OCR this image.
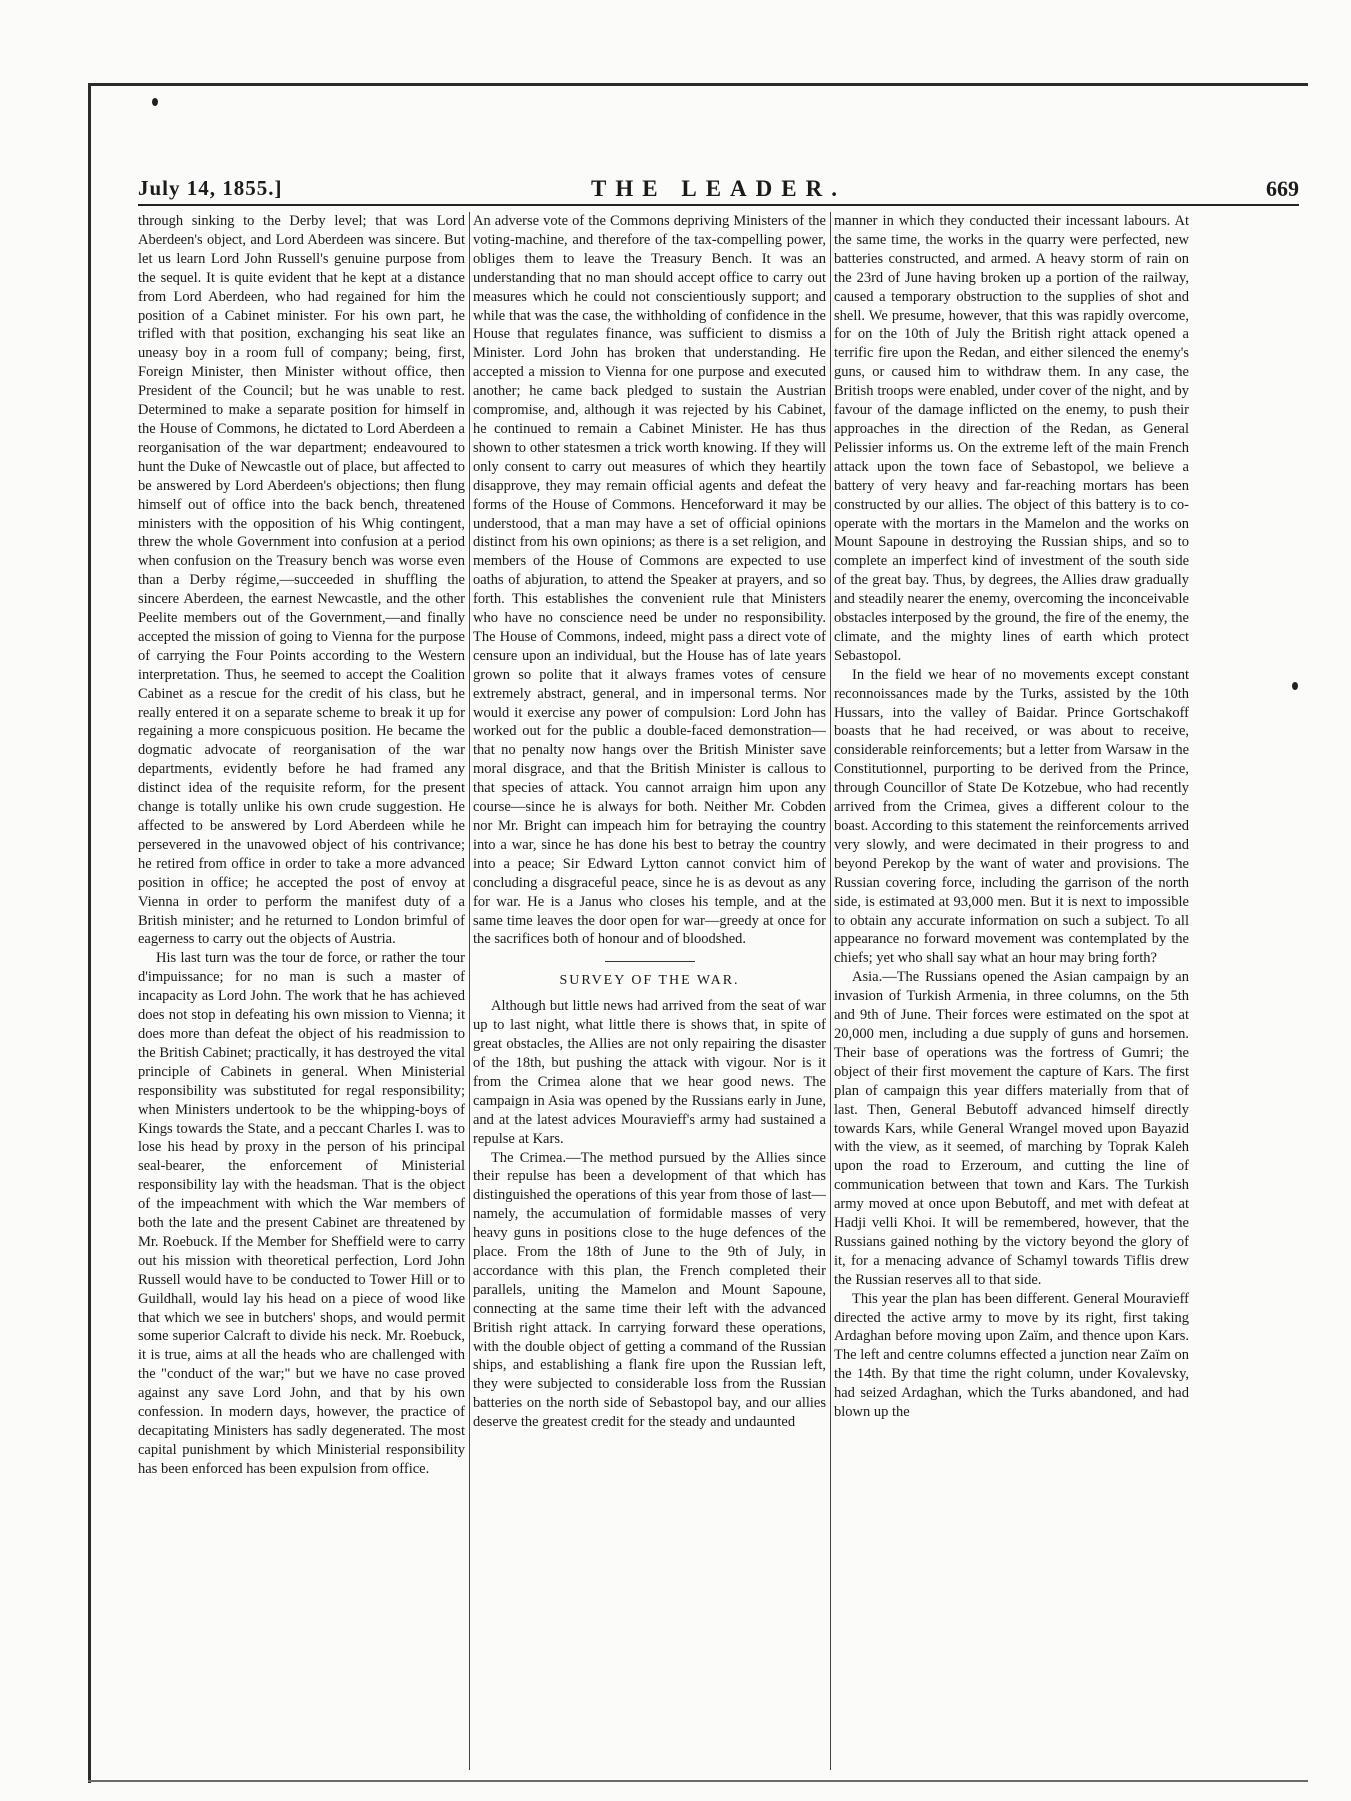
July 14, 1855.]	THE LEADER.	669

through sinking to the Derby level; that was Lord Aberdeen's object, and Lord Aberdeen was sincere. But let us learn Lord John Russell's genuine purpose from the sequel. It is quite evident that he kept at a distance from Lord Aberdeen, who had regained for him the position of a Cabinet minister. For his own part, he trifled with that position, exchanging his seat like an uneasy boy in a room full of company; being, first, Foreign Minister, then Minister without office, then President of the Council; but he was unable to rest. Determined to make a separate position for himself in the House of Commons, he dictated to Lord Aberdeen a reorganisation of the war department; endeavoured to hunt the Duke of Newcastle out of place, but affected to be answered by Lord Aberdeen's objections; then flung himself out of office into the back bench, threatened ministers with the opposition of his Whig contingent, threw the whole Government into confusion at a period when confusion on the Treasury bench was worse even than a Derby régime,—succeeded in shuffling the sincere Aberdeen, the earnest Newcastle, and the other Peelite members out of the Government,—and finally accepted the mission of going to Vienna for the purpose of carrying the Four Points according to the Western interpretation. Thus, he seemed to accept the Coalition Cabinet as a rescue for the credit of his class, but he really entered it on a separate scheme to break it up for regaining a more conspicuous position. He became the dogmatic advocate of reorganisation of the war departments, evidently before he had framed any distinct idea of the requisite reform, for the present change is totally unlike his own crude suggestion. He affected to be answered by Lord Aberdeen while he persevered in the unavowed object of his contrivance; he retired from office in order to take a more advanced position in office; he accepted the post of envoy at Vienna in order to perform the manifest duty of a British minister; and he returned to London brimful of eagerness to carry out the objects of Austria.

His last turn was the tour de force, or rather the tour d'impuissance; for no man is such a master of incapacity as Lord John. The work that he has achieved does not stop in defeating his own mission to Vienna; it does more than defeat the object of his readmission to the British Cabinet; practically, it has destroyed the vital principle of Cabinets in general. When Ministerial responsibility was substituted for regal responsibility; when Ministers undertook to be the whipping-boys of Kings towards the State, and a peccant Charles I. was to lose his head by proxy in the person of his principal seal-bearer, the enforcement of Ministerial responsibility lay with the headsman. That is the object of the impeachment with which the War members of both the late and the present Cabinet are threatened by Mr. Roebuck. If the Member for Sheffield were to carry out his mission with theoretical perfection, Lord John Russell would have to be conducted to Tower Hill or to Guildhall, would lay his head on a piece of wood like that which we see in butchers' shops, and would permit some superior Calcraft to divide his neck. Mr. Roebuck, it is true, aims at all the heads who are challenged with the "conduct of the war;" but we have no case proved against any save Lord John, and that by his own confession. In modern days, however, the practice of decapitating Ministers has sadly degenerated. The most capital punishment by which Ministerial responsibility has been enforced has been expulsion from office.

An adverse vote of the Commons depriving Ministers of the voting-machine, and therefore of the tax-compelling power, obliges them to leave the Treasury Bench. It was an understanding that no man should accept office to carry out measures which he could not conscientiously support; and while that was the case, the withholding of confidence in the House that regulates finance, was sufficient to dismiss a Minister. Lord John has broken that understanding. He accepted a mission to Vienna for one purpose and executed another; he came back pledged to sustain the Austrian compromise, and, although it was rejected by his Cabinet, he continued to remain a Cabinet Minister. He has thus shown to other statesmen a trick worth knowing. If they will only consent to carry out measures of which they heartily disapprove, they may remain official agents and defeat the forms of the House of Commons. Henceforward it may be understood, that a man may have a set of official opinions distinct from his own opinions; as there is a set religion, and members of the House of Commons are expected to use oaths of abjuration, to attend the Speaker at prayers, and so forth. This establishes the convenient rule that Ministers who have no conscience need be under no responsibility. The House of Commons, indeed, might pass a direct vote of censure upon an individual, but the House has of late years grown so polite that it always frames votes of censure extremely abstract, general, and in impersonal terms. Nor would it exercise any power of compulsion: Lord John has worked out for the public a double-faced demonstration—that no penalty now hangs over the British Minister save moral disgrace, and that the British Minister is callous to that species of attack. You cannot arraign him upon any course—since he is always for both. Neither Mr. Cobden nor Mr. Bright can impeach him for betraying the country into a war, since he has done his best to betray the country into a peace; Sir Edward Lytton cannot convict him of concluding a disgraceful peace, since he is as devout as any for war. He is a Janus who closes his temple, and at the same time leaves the door open for war—greedy at once for the sacrifices both of honour and of bloodshed.

SURVEY OF THE WAR.

Although but little news had arrived from the seat of war up to last night, what little there is shows that, in spite of great obstacles, the Allies are not only repairing the disaster of the 18th, but pushing the attack with vigour. Nor is it from the Crimea alone that we hear good news. The campaign in Asia was opened by the Russians early in June, and at the latest advices Mouravieff's army had sustained a repulse at Kars.

The Crimea.—The method pursued by the Allies since their repulse has been a development of that which has distinguished the operations of this year from those of last—namely, the accumulation of formidable masses of very heavy guns in positions close to the huge defences of the place. From the 18th of June to the 9th of July, in accordance with this plan, the French completed their parallels, uniting the Mamelon and Mount Sapoune, connecting at the same time their left with the advanced British right attack. In carrying forward these operations, with the double object of getting a command of the Russian ships, and establishing a flank fire upon the Russian left, they were subjected to considerable loss from the Russian batteries on the north side of Sebastopol bay, and our allies deserve the greatest credit for the steady and undaunted

manner in which they conducted their incessant labours. At the same time, the works in the quarry were perfected, new batteries constructed, and armed. A heavy storm of rain on the 23rd of June having broken up a portion of the railway, caused a temporary obstruction to the supplies of shot and shell. We presume, however, that this was rapidly overcome, for on the 10th of July the British right attack opened a terrific fire upon the Redan, and either silenced the enemy's guns, or caused him to withdraw them. In any case, the British troops were enabled, under cover of the night, and by favour of the damage inflicted on the enemy, to push their approaches in the direction of the Redan, as General Pelissier informs us. On the extreme left of the main French attack upon the town face of Sebastopol, we believe a battery of very heavy and far-reaching mortars has been constructed by our allies. The object of this battery is to co-operate with the mortars in the Mamelon and the works on Mount Sapoune in destroying the Russian ships, and so to complete an imperfect kind of investment of the south side of the great bay. Thus, by degrees, the Allies draw gradually and steadily nearer the enemy, overcoming the inconceivable obstacles interposed by the ground, the fire of the enemy, the climate, and the mighty lines of earth which protect Sebastopol.

In the field we hear of no movements except constant reconnoissances made by the Turks, assisted by the 10th Hussars, into the valley of Baidar. Prince Gortschakoff boasts that he had received, or was about to receive, considerable reinforcements; but a letter from Warsaw in the Constitutionnel, purporting to be derived from the Prince, through Councillor of State De Kotzebue, who had recently arrived from the Crimea, gives a different colour to the boast. According to this statement the reinforcements arrived very slowly, and were decimated in their progress to and beyond Perekop by the want of water and provisions. The Russian covering force, including the garrison of the north side, is estimated at 93,000 men. But it is next to impossible to obtain any accurate information on such a subject. To all appearance no forward movement was contemplated by the chiefs; yet who shall say what an hour may bring forth?

Asia.—The Russians opened the Asian campaign by an invasion of Turkish Armenia, in three columns, on the 5th and 9th of June. Their forces were estimated on the spot at 20,000 men, including a due supply of guns and horsemen. Their base of operations was the fortress of Gumri; the object of their first movement the capture of Kars. The first plan of campaign this year differs materially from that of last. Then, General Bebutoff advanced himself directly towards Kars, while General Wrangel moved upon Bayazid with the view, as it seemed, of marching by Toprak Kaleh upon the road to Erzeroum, and cutting the line of communication between that town and Kars. The Turkish army moved at once upon Bebutoff, and met with defeat at Hadji velli Khoi. It will be remembered, however, that the Russians gained nothing by the victory beyond the glory of it, for a menacing advance of Schamyl towards Tiflis drew the Russian reserves all to that side.

This year the plan has been different. General Mouravieff directed the active army to move by its right, first taking Ardaghan before moving upon Zaïm, and thence upon Kars. The left and centre columns effected a junction near Zaïm on the 14th. By that time the right column, under Kovalevsky, had seized Ardaghan, which the Turks abandoned, and had blown up the
